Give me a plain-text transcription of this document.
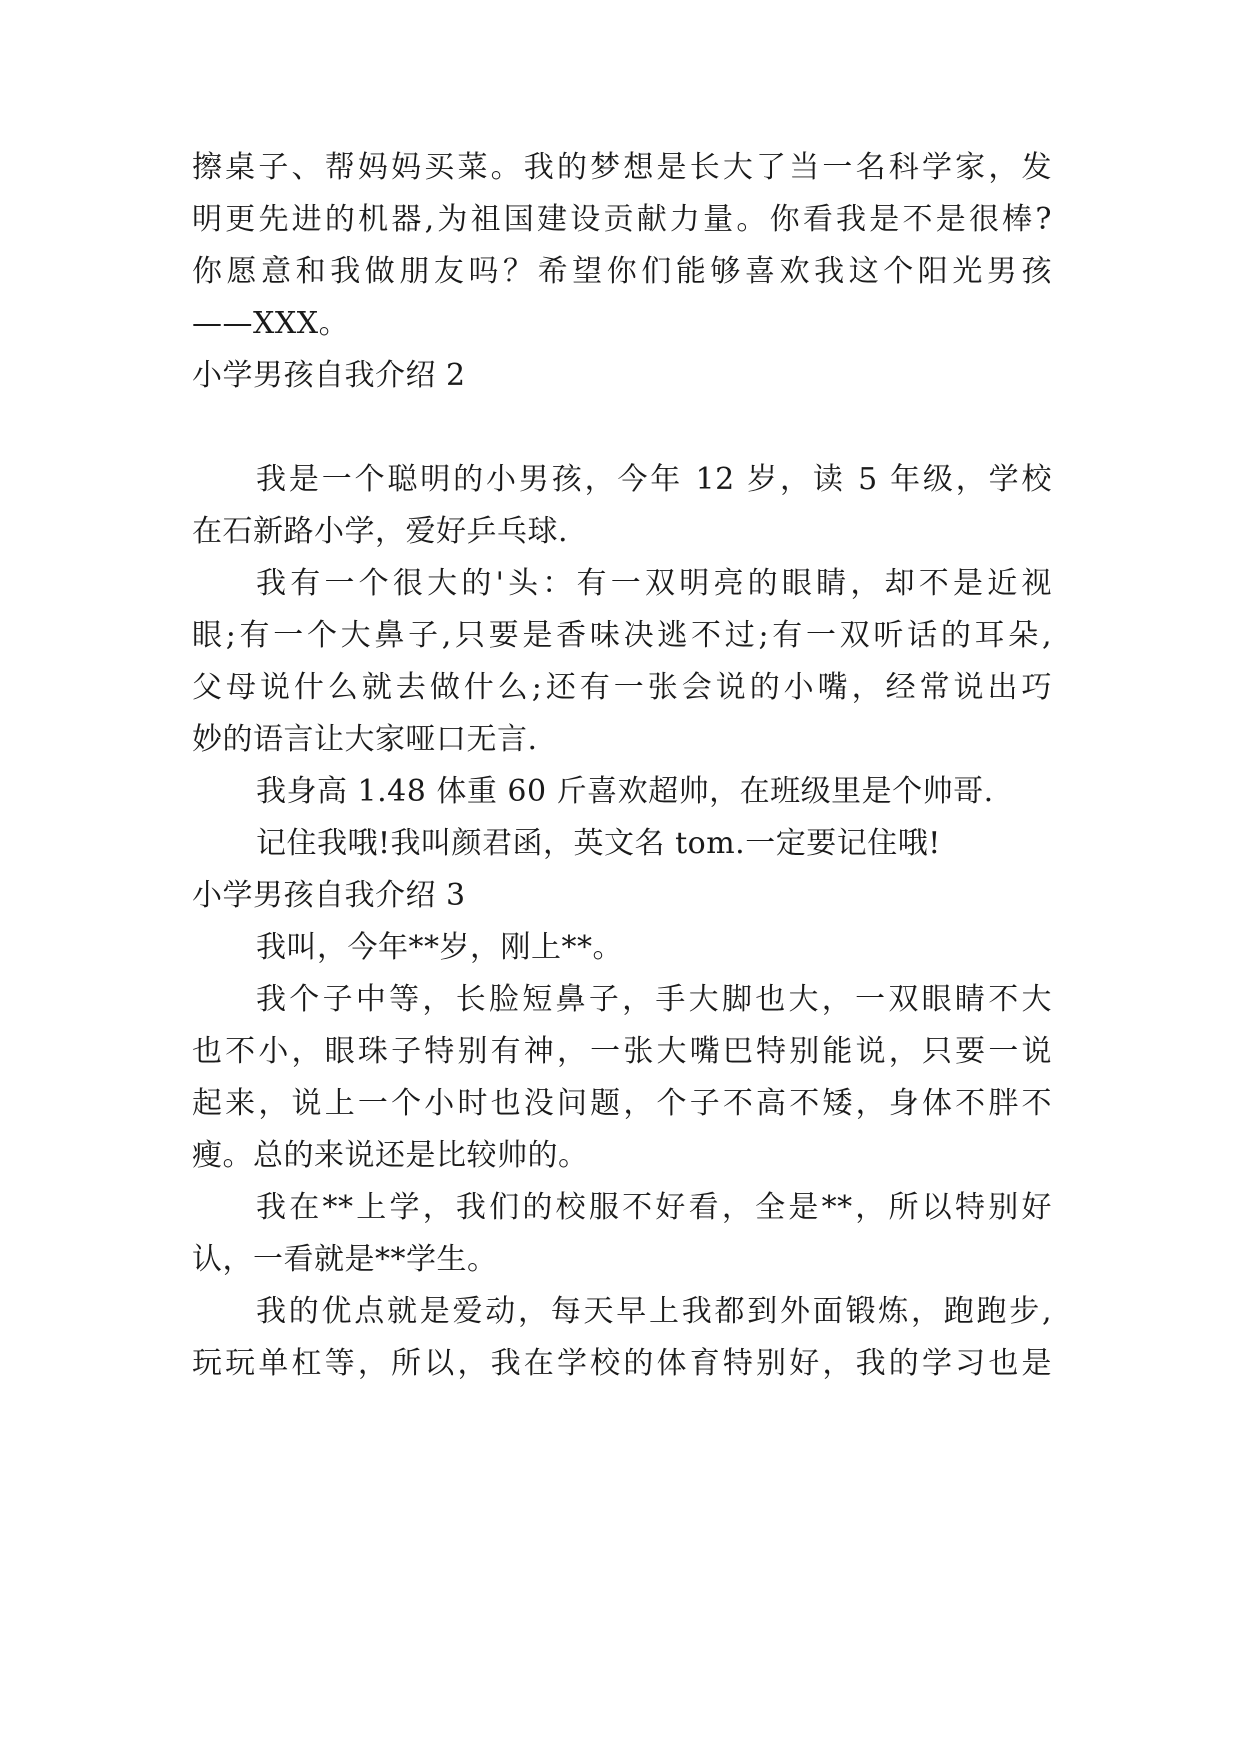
擦桌子、帮妈妈买菜。我的梦想是长大了当一名科学家，发
明更先进的机器,为祖国建设贡献力量。你看我是不是很棒?
你愿意和我做朋友吗？希望你们能够喜欢我这个阳光男孩
——XXX。
小学男孩自我介绍 2
我是一个聪明的小男孩，今年 12 岁，读 5 年级，学校
在石新路小学，爱好乒乓球.
我有一个很大的'头：有一双明亮的眼睛，却不是近视
眼;有一个大鼻子,只要是香味决逃不过;有一双听话的耳朵,
父母说什么就去做什么;还有一张会说的小嘴，经常说出巧
妙的语言让大家哑口无言.
我身高 1.48 体重 60 斤喜欢超帅，在班级里是个帅哥.
记住我哦!我叫颜君函，英文名 tom.一定要记住哦!
小学男孩自我介绍 3
我叫，今年**岁，刚上**。
我个子中等，长脸短鼻子，手大脚也大，一双眼睛不大
也不小，眼珠子特别有神，一张大嘴巴特别能说，只要一说
起来，说上一个小时也没问题，个子不高不矮，身体不胖不
瘦。总的来说还是比较帅的。
我在**上学，我们的校服不好看，全是**，所以特别好
认，一看就是**学生。
我的优点就是爱动，每天早上我都到外面锻炼，跑跑步,
玩玩单杠等，所以，我在学校的体育特别好，我的学习也是
